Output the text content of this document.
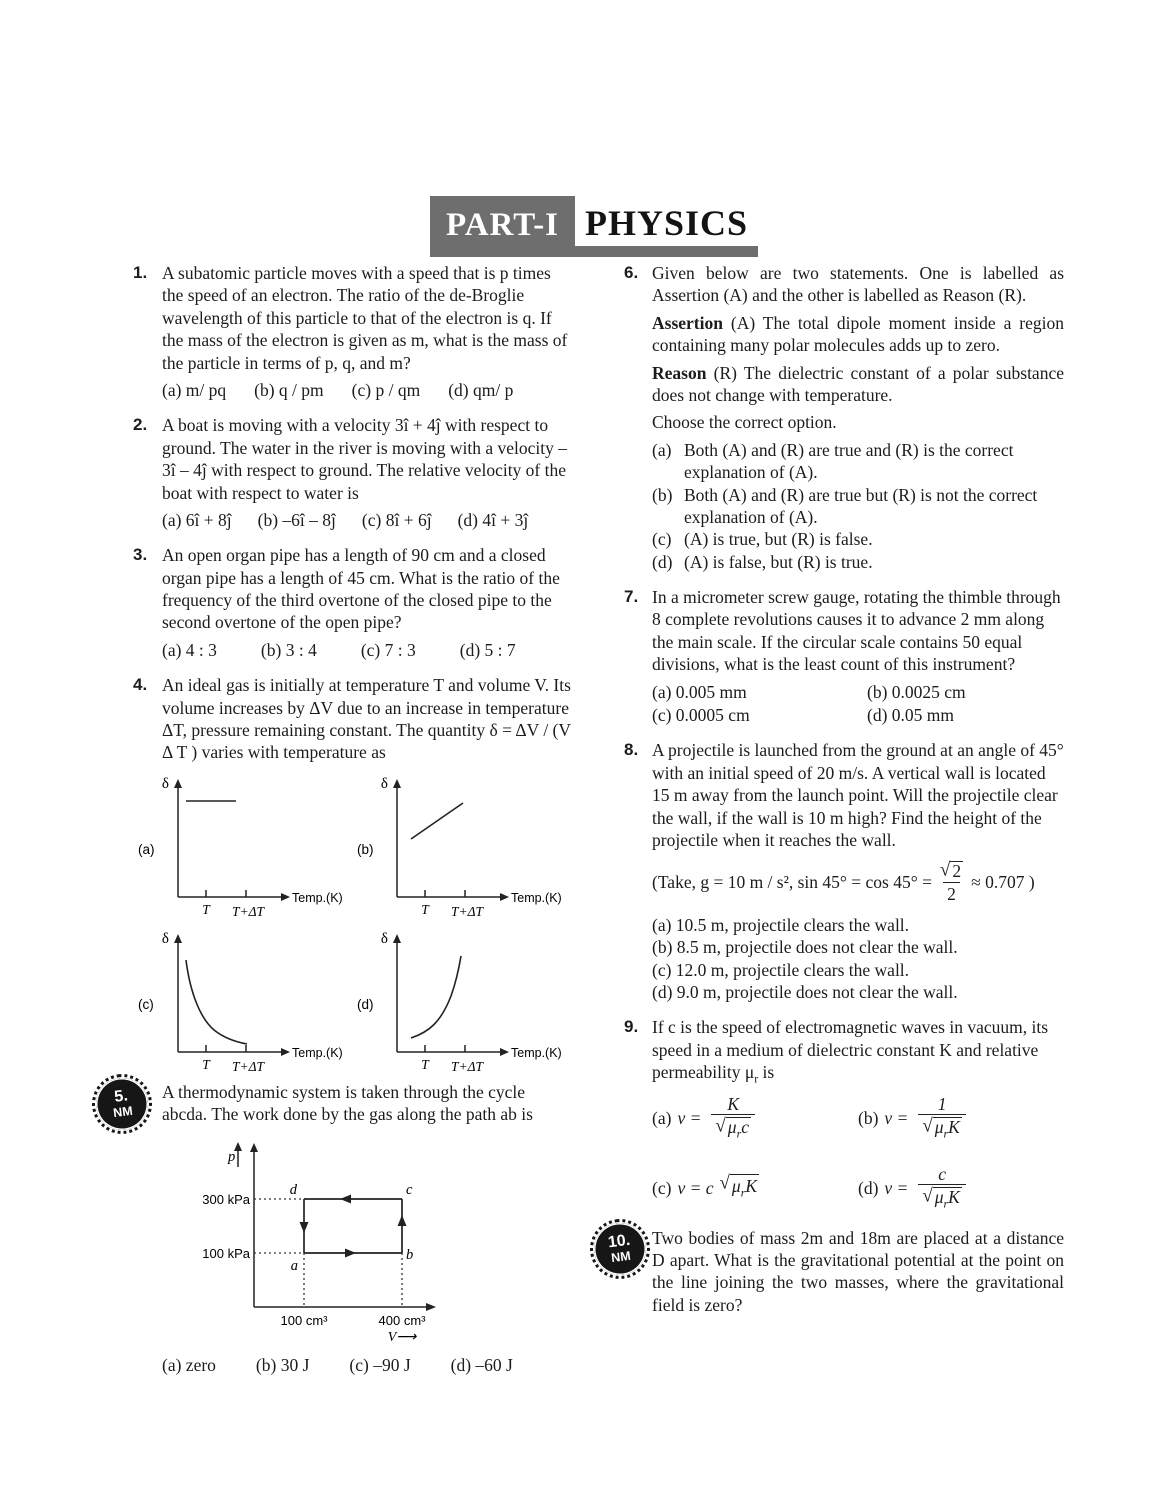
PART-I PHYSICS
1. A subatomic particle moves with a speed that is p times the speed of an electron. The ratio of the de-Broglie wavelength of this particle to that of the electron is q. If the mass of the electron is given as m, what is the mass of the particle in terms of p, q, and m?

(a) m/ pq (b) q / pm (c) p / qm (d) qm/ p
2. A boat is moving with a velocity 3î + 4ĵ with respect to ground. The water in the river is moving with a velocity –3î – 4ĵ with respect to ground. The relative velocity of the boat with respect to water is

(a) 6î + 8ĵ (b) –6î – 8ĵ (c) 8î + 6ĵ (d) 4î + 3ĵ
3. An open organ pipe has a length of 90 cm and a closed organ pipe has a length of 45 cm. What is the ratio of the frequency of the third overtone of the closed pipe to the second overtone of the open pipe?

(a) 4 : 3	(b) 3 : 4	(c) 7 : 3	(d) 5 : 7
4. An ideal gas is initially at temperature T and volume V. Its volume increases by ΔV due to an increase in temperature ΔT, pressure remaining constant. The quantity δ = ΔV / (V Δ T ) varies with temperature as

δ
Temp.(K)
T T+ΔT
(a)
δ
Temp.(K)
T T+ΔT
(b)
δ
Temp.(K)
T T+ΔT
(c)
δ
Temp.(K)
T T+ΔT
(d)
5.
NM

A thermodynamic system is taken through the cycle abcda. The work done by the gas along the path ab is

p
300 kPa
100 kPa
d	c
a
b
100 cm³	400 cm³
V⟶
(a) zero (b) 30 J (c) –90 J (d) –60 J
6. Given below are two statements. One is labelled as Assertion (A) and the other is labelled as Reason (R).

Assertion (A) The total dipole moment inside a region containing many polar molecules adds up to zero.

Reason (R) The dielectric constant of a polar substance does not change with temperature.

Choose the correct option.

(a) Both (A) and (R) are true and (R) is the correct explanation of (A).
(b) Both (A) and (R) are true but (R) is not the correct explanation of (A).
(c) (A) is true, but (R) is false.
(d) (A) is false, but (R) is true.
7. In a micrometer screw gauge, rotating the thimble through 8 complete revolutions causes it to advance 2 mm along the main scale. If the circular scale contains 50 equal divisions, what is the least count of this instrument?

(a) 0.005 mm	(b) 0.0025 cm
(c) 0.0005 cm	(d) 0.05 mm
8. A projectile is launched from the ground at an angle of 45° with an initial speed of 20 m/s. A vertical wall is located 15 m away from the launch point. Will the projectile clear the wall, if the wall is 10 m high? Find the height of the projectile when it reaches the wall.

(Take, g = 10 m / s², $\sin 45^\circ = \cos 45^\circ = \frac{√ 2}{2} \approx 0.707$ )
(a) 10.5 m, projectile clears the wall.
(b) 8.5 m, projectile does not clear the wall.
(c) 12.0 m, projectile clears the wall.
(d) 9.0 m, projectile does not clear the wall.
9. If c is the speed of electromagnetic waves in vacuum, its speed in a medium of dielectric constant K and relative permeability $\mu_r$ is

(a) $v = \frac{K}{√ \mu_rc}$	(b) $v = \frac{1}{√ \mu_rK}$
(c) v = c √ $\mu_rK$	(d) $v = \frac{c}{√ \mu_rK}$
10.
NM

Two bodies of mass 2m and 18m are placed at a distance D apart. What is the gravitational potential at the point on the line joining the two masses, where the gravitational field is zero?
